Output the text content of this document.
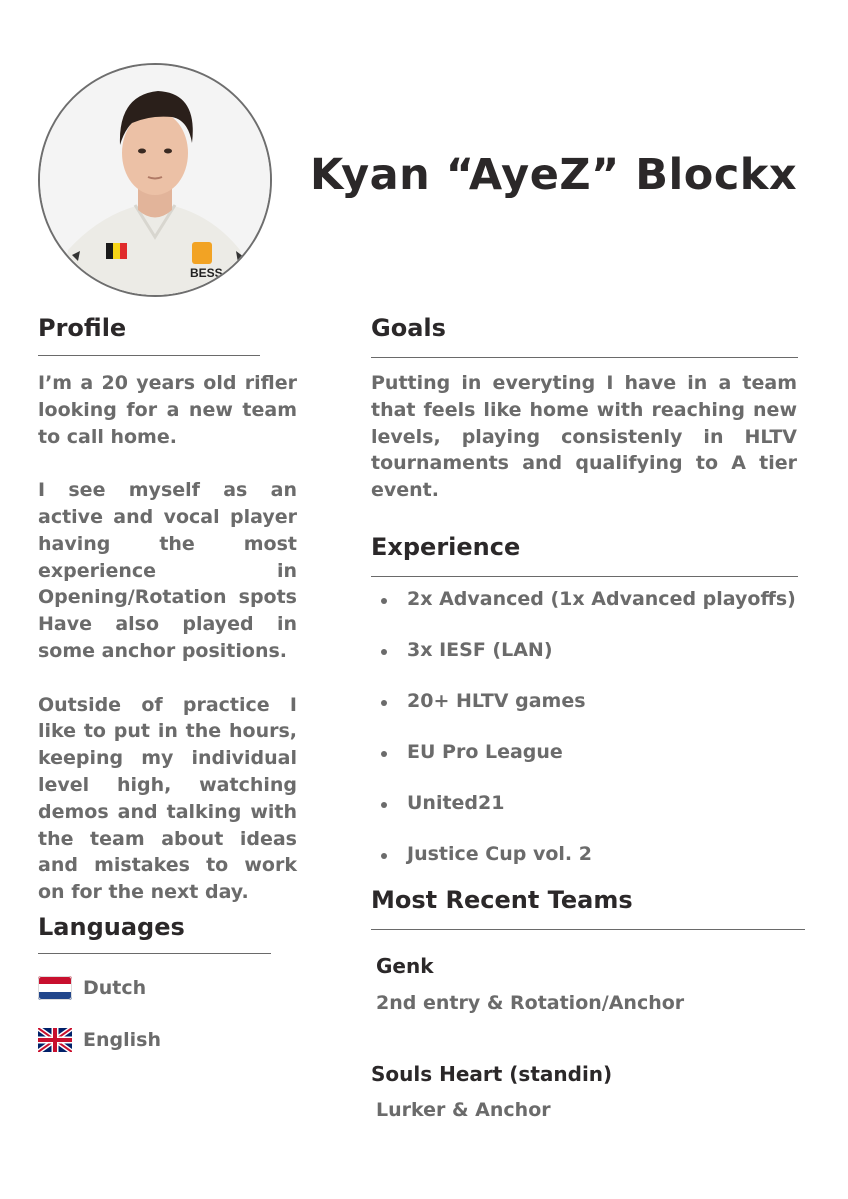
BESS
Kyan “AyeZ” Blockx
Profile

I’m a 20 years old rifler looking for a new team to call home.

I see myself as an active and vocal player having the most experience in Opening/Rotation spots Have also played in some anchor positions.

Outside of practice I like to put in the hours, keeping my individual level high, watching demos and talking with the team about ideas and mistakes to work on for the next day.

Languages
Dutch
English
Goals

Putting in everyting I have in a team that feels like home with reaching new levels, playing consistenly in HLTV tournaments and qualifying to A tier event.

Experience
2x Advanced (1x Advanced playoffs)
3x IESF (LAN)
20+ HLTV games
EU Pro League
United21
Justice Cup vol. 2
Most Recent Teams
Genk
2nd entry & Rotation/Anchor
Souls Heart (standin)
Lurker & Anchor
